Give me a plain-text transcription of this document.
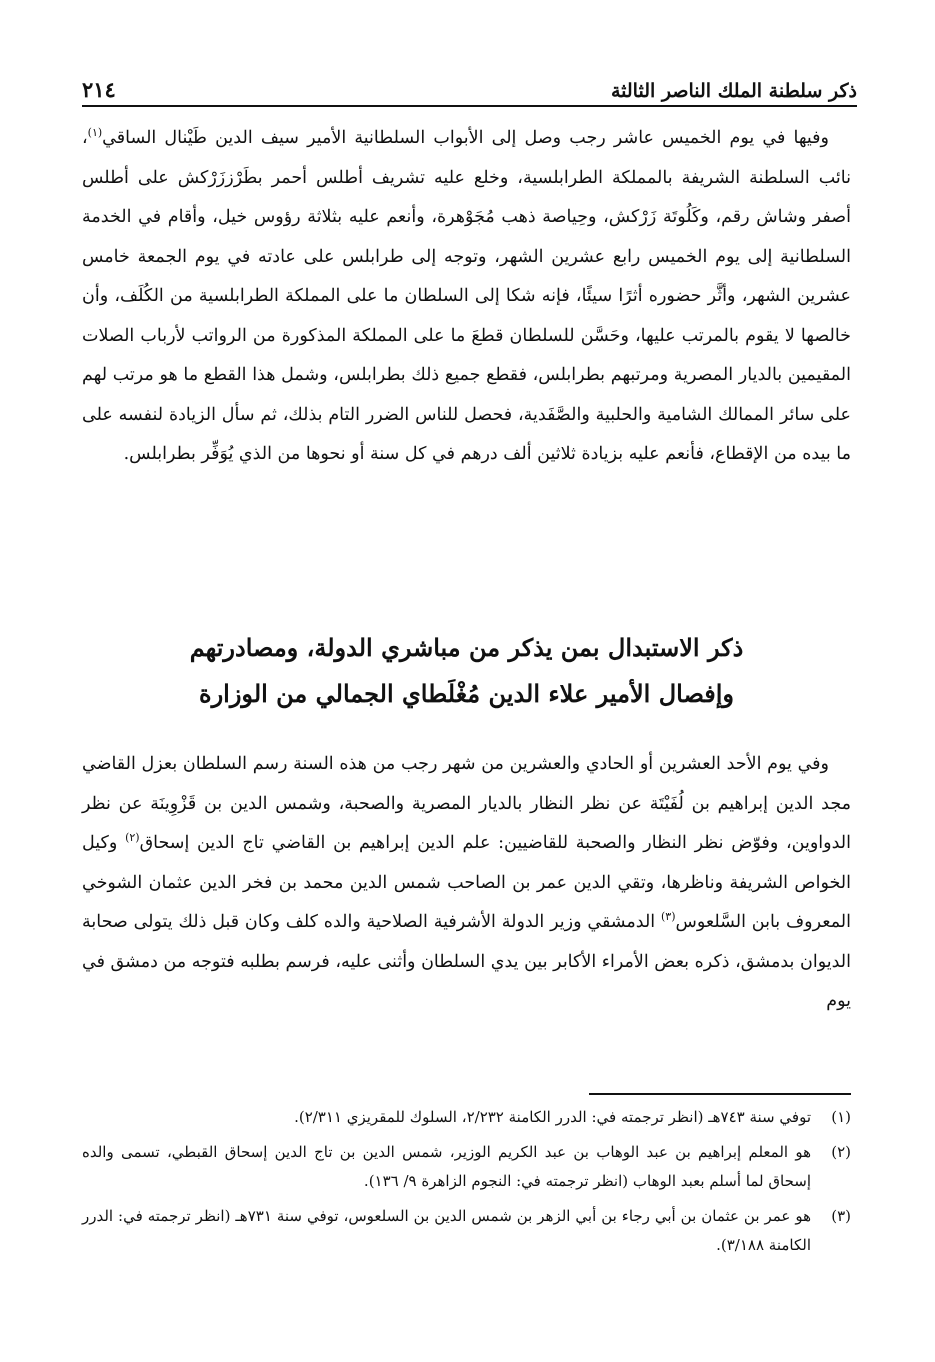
ذكر سلطنة الملك الناصر الثالثة
٢١٤
وفيها في يوم الخميس عاشر رجب وصل إلى الأبواب السلطانية الأمير سيف الدين طَيْنال الساقي$^{(١)}$، نائب السلطنة الشريفة بالمملكة الطرابلسية، وخلع عليه تشريف أطلس أحمر بطَرْززَرْكش على أطلس أصفر وشاش رقم، وكَلُوتَة زَرْكش، وحِياصة ذهب مُجَوْهرة، وأنعم عليه بثلاثة رؤوس خيل، وأقام في الخدمة السلطانية إلى يوم الخميس رابع عشرين الشهر، وتوجه إلى طرابلس على عادته في يوم الجمعة خامس عشرين الشهر، وأثَّر حضوره أثرًا سيئًا، فإنه شكا إلى السلطان ما على المملكة الطرابلسية من الكُلَف، وأن خالصها لا يقوم بالمرتب عليها، وحَسَّن للسلطان قطعَ ما على المملكة المذكورة من الرواتب لأرباب الصلات المقيمين بالديار المصرية ومرتبهم بطرابلس، فقطع جميع ذلك بطرابلس، وشمل هذا القطع ما هو مرتب لهم على سائر الممالك الشامية والحلبية والصَّفَدية، فحصل للناس الضرر التام بذلك، ثم سأل الزيادة لنفسه على ما بيده من الإقطاع، فأنعم عليه بزيادة ثلاثين ألف درهم في كل سنة أو نحوها من الذي يُوَفِّر بطرابلس.
ذكر الاستبدال بمن يذكر من مباشري الدولة، ومصادرتهم
وإفصال الأمير علاء الدين مُغْلَطاي الجمالي من الوزارة
وفي يوم الأحد العشرين أو الحادي والعشرين من شهر رجب من هذه السنة رسم السلطان بعزل القاضي مجد الدين إبراهيم بن لُفَيْتَة عن نظر النظار بالديار المصرية والصحبة، وشمس الدين بن قَزْوِينَة عن نظر الدواوين، وفوّض نظر النظار والصحبة للقاضيين: علم الدين إبراهيم بن القاضي تاج الدين إسحاق$^{(٢)}$ وكيل الخواص الشريفة وناظرها، وتقي الدين عمر بن الصاحب شمس الدين محمد بن فخر الدين عثمان الشوخي المعروف بابن السَّلعوس$^{(٣)}$ الدمشقي وزير الدولة الأشرفية الصلاحية والده كلف وكان قبل ذلك يتولى صحابة الديوان بدمشق، ذكره بعض الأمراء الأكابر بين يدي السلطان وأثنى عليه، فرسم بطلبه فتوجه من دمشق في يوم
(١)
توفي سنة ٧٤٣هـ (انظر ترجمته في: الدرر الكامنة ٢/٢٣٢، السلوك للمقريزي ٢/٣١١).
(٢)
هو المعلم إبراهيم بن عبد الوهاب بن عبد الكريم الوزير، شمس الدين بن تاج الدين إسحاق القبطي، تسمى والده إسحاق لما أسلم بعبد الوهاب (انظر ترجمته في: النجوم الزاهرة ٩/ ١٣٦).
(٣)
هو عمر بن عثمان بن أبي رجاء بن أبي الزهر بن شمس الدين بن السلعوس، توفي سنة ٧٣١هـ (انظر ترجمته في: الدرر الكامنة ٣/١٨٨).
